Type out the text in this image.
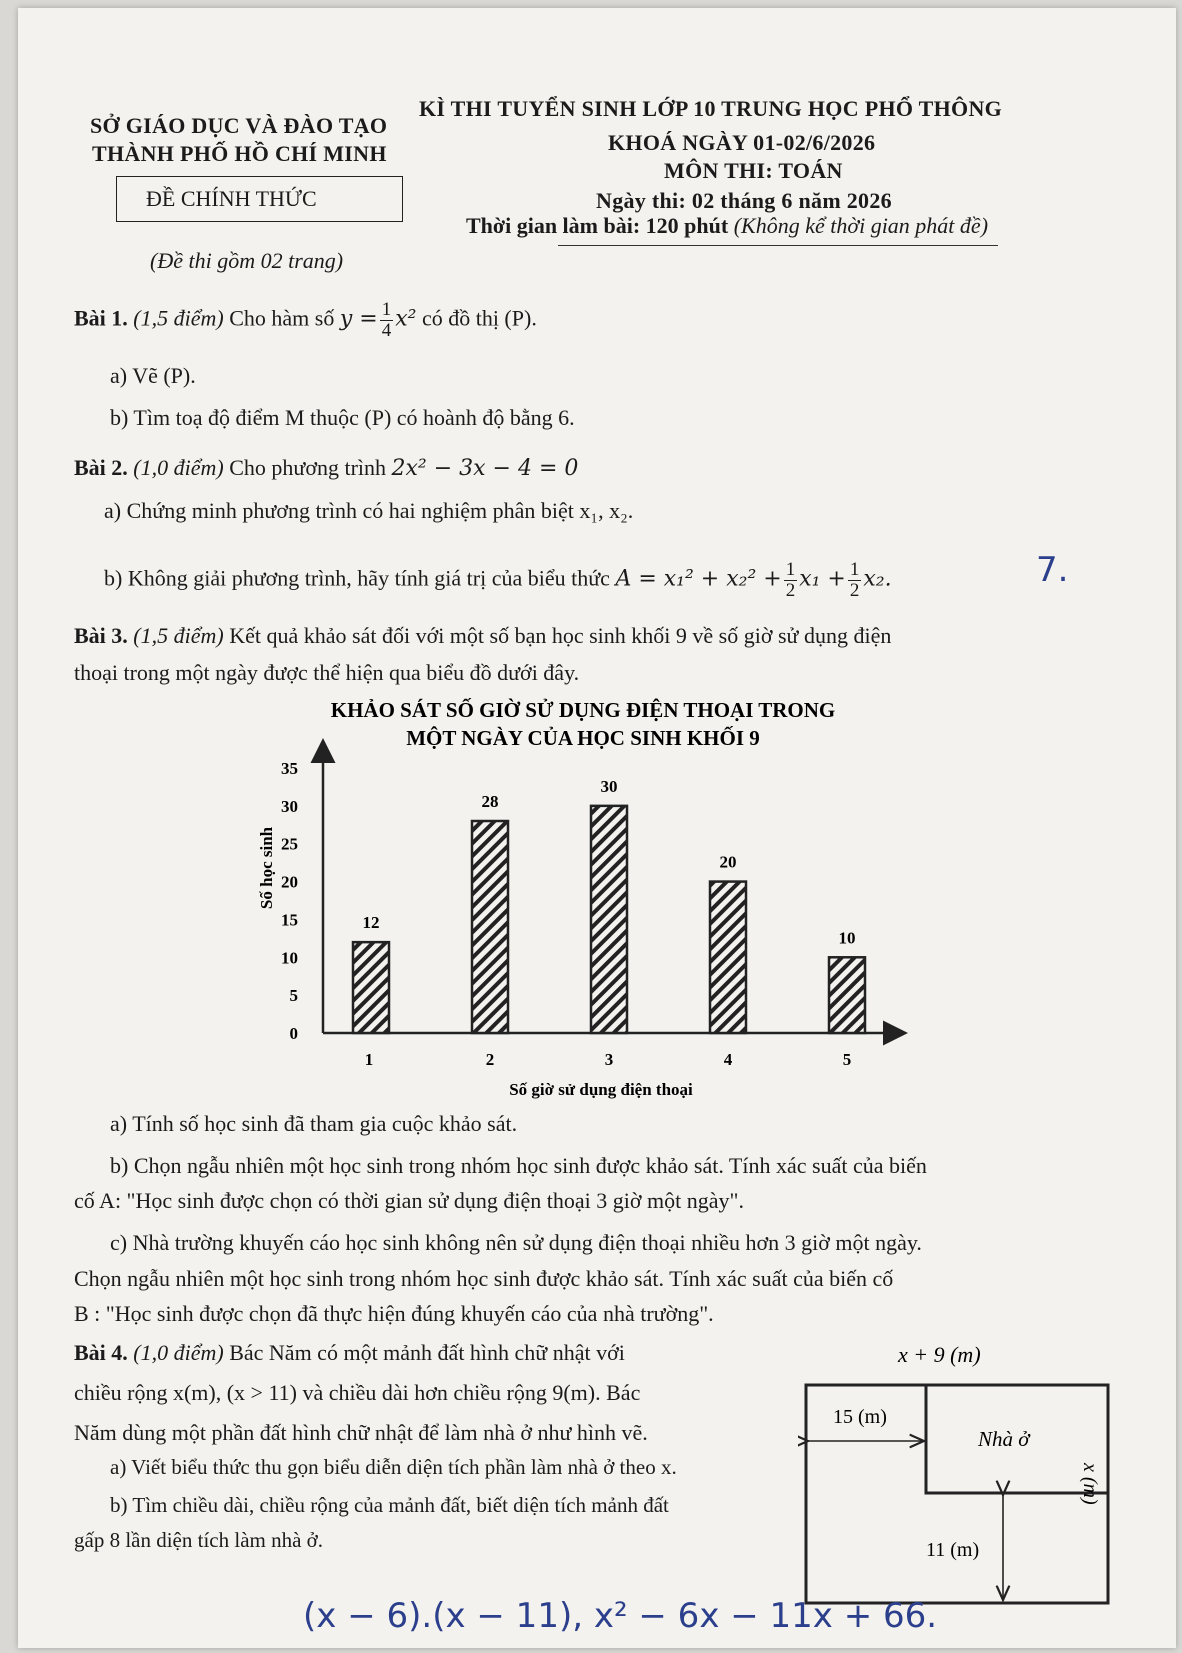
SỞ GIÁO DỤC VÀ ĐÀO TẠO
THÀNH PHỐ HỒ CHÍ MINH
ĐỀ CHÍNH THỨC
(Đề thi gồm 02 trang)
KÌ THI TUYỂN SINH LỚP 10 TRUNG HỌC PHỔ THÔNG
KHOÁ NGÀY 01-02/6/2026
MÔN THI: TOÁN
Ngày thi: 02 tháng 6 năm 2026
Thời gian làm bài: 120 phút (Không kể thời gian phát đề)
Bài 1. (1,5 điểm) Cho hàm số $y = \frac{1}{4} x^2$ có đồ thị (P).
a) Vẽ (P).
b) Tìm toạ độ điểm M thuộc (P) có hoành độ bằng 6.
Bài 2. (1,0 điểm) Cho phương trình 2x² − 3x − 4 = 0
a) Chứng minh phương trình có hai nghiệm phân biệt x₁, x₂.
b) Không giải phương trình, hãy tính giá trị của biểu thức $A = x_1^2 + x_2^2 + \frac{1}{2} x_1 + \frac{1}{2} x_2$.	7.
Bài 3. (1,5 điểm) Kết quả khảo sát đối với một số bạn học sinh khối 9 về số giờ sử dụng điện
thoại trong một ngày được thể hiện qua biểu đồ dưới đây.
KHẢO SÁT SỐ GIỜ SỬ DỤNG ĐIỆN THOẠI TRONG
MỘT NGÀY CỦA HỌC SINH KHỐI 9
0
5
10
15
20
25
30
35
12
1
28
2
30
3
20
4
10
5
Số học sinh
Số giờ sử dụng điện thoại
a) Tính số học sinh đã tham gia cuộc khảo sát.
b) Chọn ngẫu nhiên một học sinh trong nhóm học sinh được khảo sát. Tính xác suất của biến
cố A: "Học sinh được chọn có thời gian sử dụng điện thoại 3 giờ một ngày".
c) Nhà trường khuyến cáo học sinh không nên sử dụng điện thoại nhiều hơn 3 giờ một ngày.
Chọn ngẫu nhiên một học sinh trong nhóm học sinh được khảo sát. Tính xác suất của biến cố
B : "Học sinh được chọn đã thực hiện đúng khuyến cáo của nhà trường".
Bài 4. (1,0 điểm) Bác Năm có một mảnh đất hình chữ nhật với
chiều rộng x(m), (x > 11) và chiều dài hơn chiều rộng 9(m). Bác
Năm dùng một phần đất hình chữ nhật để làm nhà ở như hình vẽ.
a) Viết biểu thức thu gọn biểu diễn diện tích phần làm nhà ở theo x.
b) Tìm chiều dài, chiều rộng của mảnh đất, biết diện tích mảnh đất
gấp 8 lần diện tích làm nhà ở.
x + 9 (m)
Nhà ở
15 (m)
11 (m)
x (m)
(x − 6).(x − 11), x² − 6x − 11x + 66.
